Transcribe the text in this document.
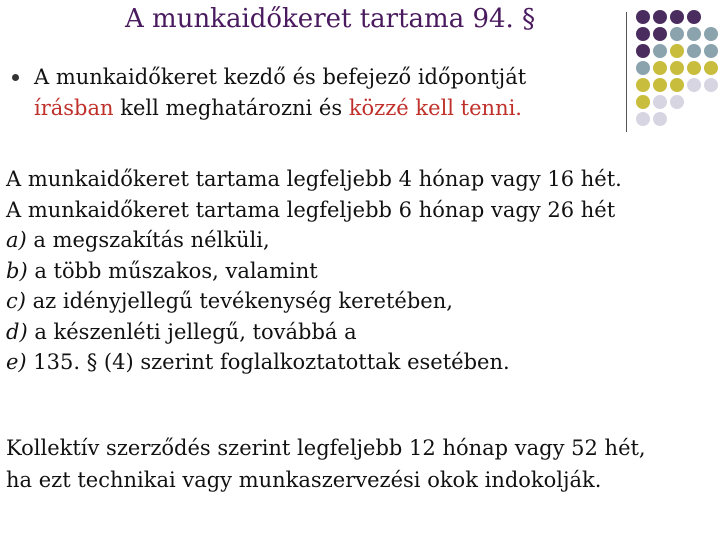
A munkaidőkeret tartama 94. §
A munkaidőkeret kezdő és befejező időpontját
írásban kell meghatározni és közzé kell tenni.
A munkaidőkeret tartama legfeljebb 4 hónap vagy 16 hét.
A munkaidőkeret tartama legfeljebb 6 hónap vagy 26 hét
a) a megszakítás nélküli,
b) a több műszakos, valamint
c) az idényjellegű tevékenység keretében,
d) a készenléti jellegű, továbbá a
e) 135. § (4) szerint foglalkoztatottak esetében.
Kollektív szerződés szerint legfeljebb 12 hónap vagy 52 hét,
ha ezt technikai vagy munkaszervezési okok indokolják.
